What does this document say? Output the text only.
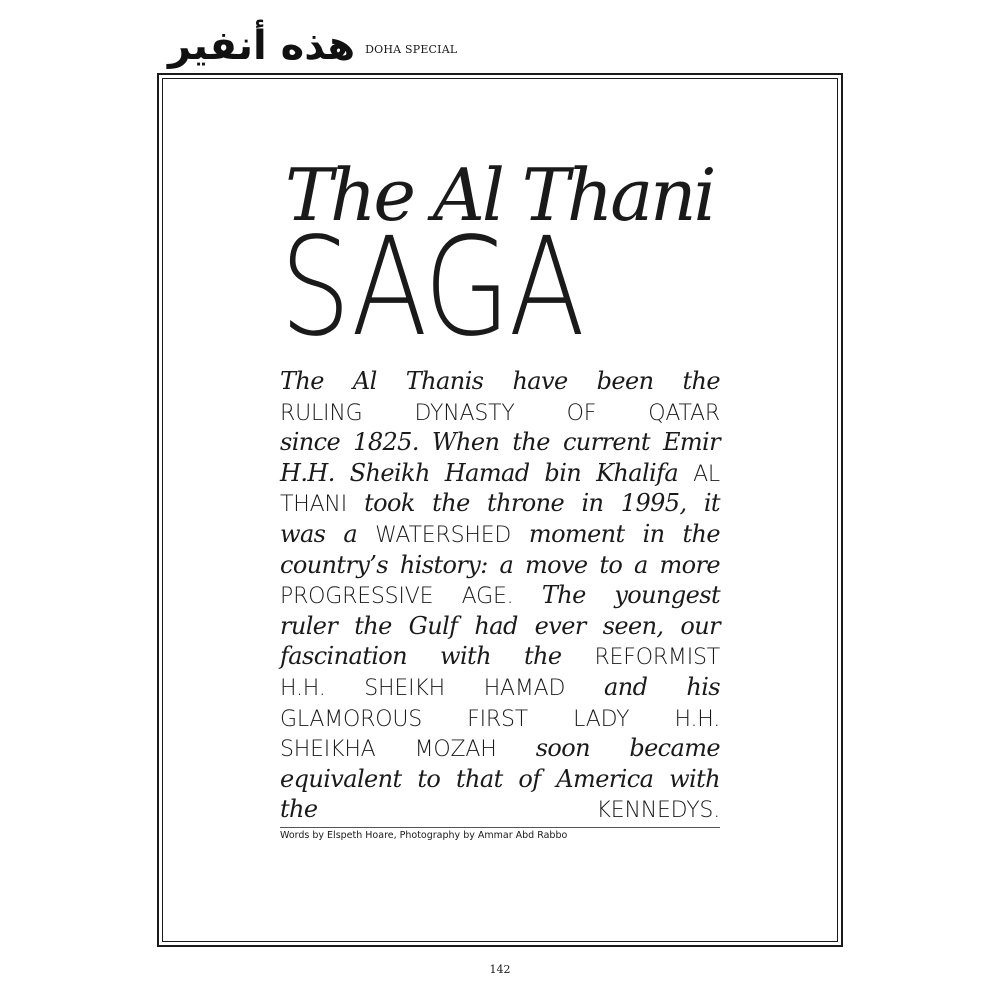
هذه أنفير DOHA SPECIAL
The Al Thani
SAGA
The Al Thanis have been the
RULING DYNASTY OF QATAR
since 1825. When the current Emir
H.H. Sheikh Hamad bin Khalifa AL
THANI took the throne in 1995, it
was a WATERSHED moment in the
country’s history: a move to a more
PROGRESSIVE AGE. The youngest
ruler the Gulf had ever seen, our
fascination with the REFORMIST
H.H. SHEIKH HAMAD and his
GLAMOROUS FIRST LADY H.H.
SHEIKHA MOZAH soon became
equivalent to that of America with
the KENNEDYS.
Words by Elspeth Hoare, Photography by Ammar Abd Rabbo
142
